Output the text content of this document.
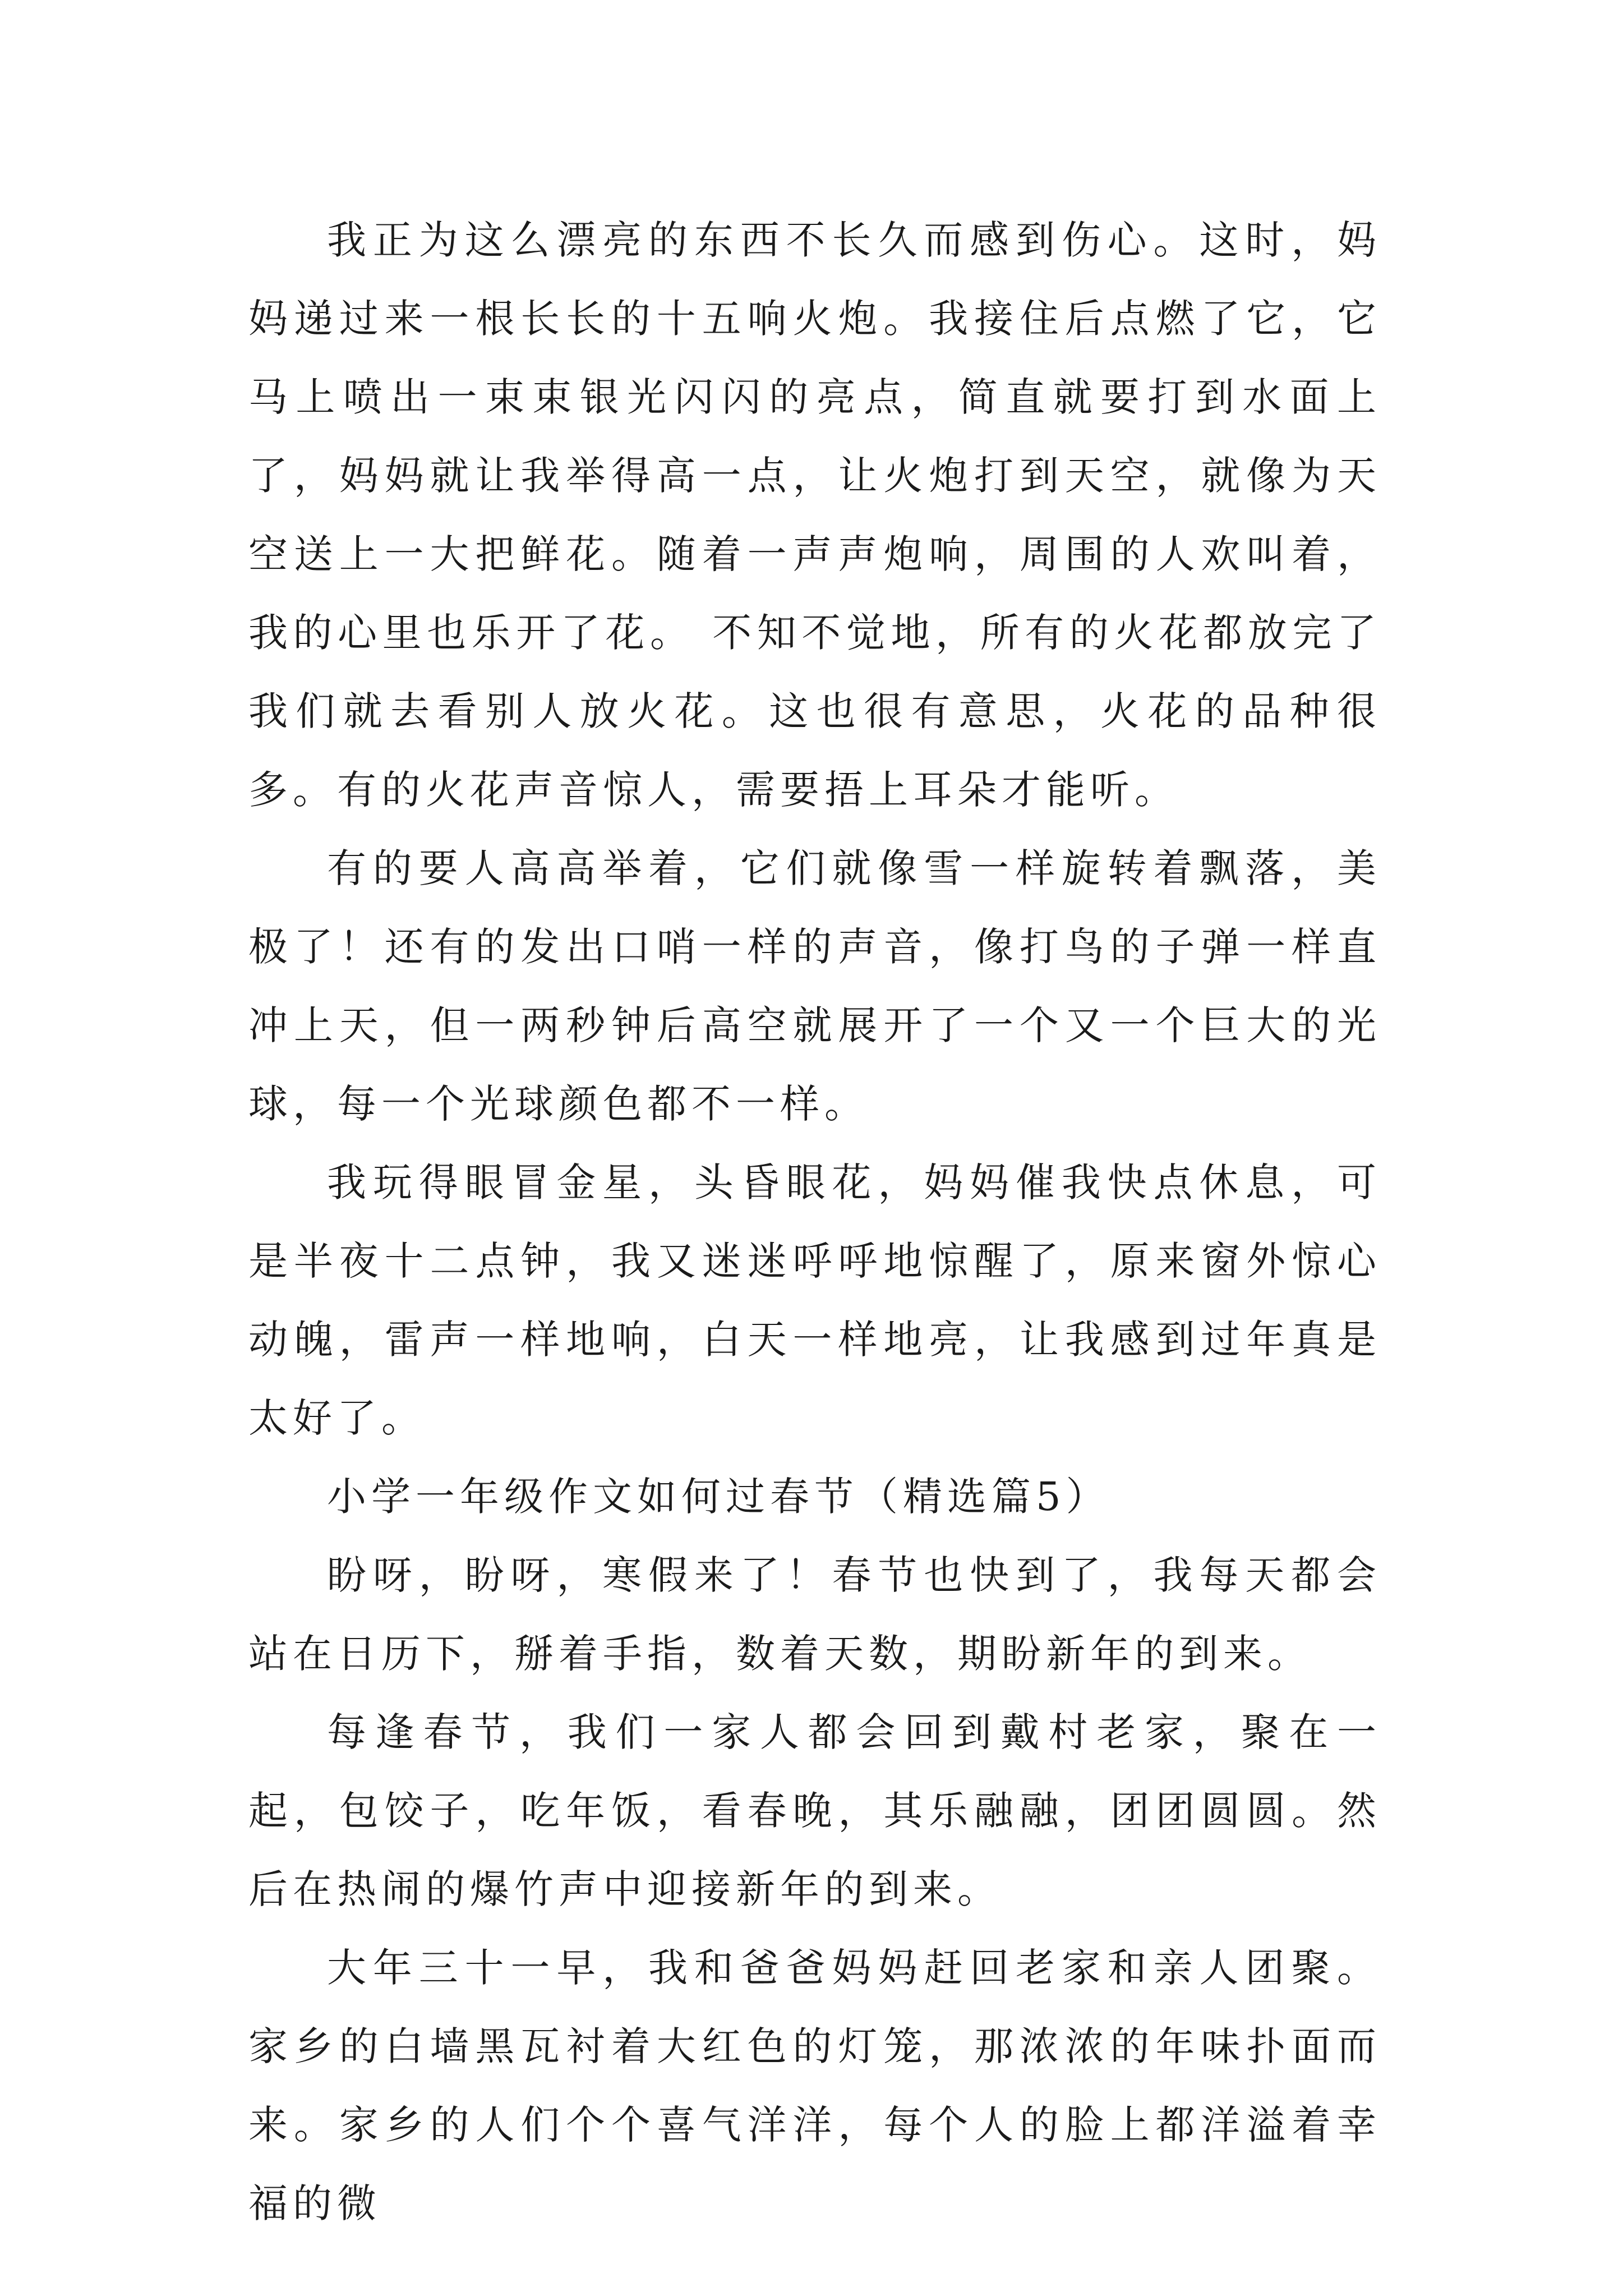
我正为这么漂亮的东西不长久而感到伤心。这时，妈妈递过来一根长长的十五响火炮。我接住后点燃了它，它马上喷出一束束银光闪闪的亮点，简直就要打到水面上了，妈妈就让我举得高一点，让火炮打到天空，就像为天空送上一大把鲜花。随着一声声炮响，周围的人欢叫着，我的心里也乐开了花。 不知不觉地，所有的火花都放完了我们就去看别人放火花。这也很有意思，火花的品种很多。有的火花声音惊人，需要捂上耳朵才能听。

有的要人高高举着，它们就像雪一样旋转着飘落，美极了！还有的发出口哨一样的声音，像打鸟的子弹一样直冲上天，但一两秒钟后高空就展开了一个又一个巨大的光球，每一个光球颜色都不一样。

我玩得眼冒金星，头昏眼花，妈妈催我快点休息，可是半夜十二点钟，我又迷迷呼呼地惊醒了，原来窗外惊心动魄，雷声一样地响，白天一样地亮，让我感到过年真是太好了。

小学一年级作文如何过春节（精选篇5）

盼呀，盼呀，寒假来了！春节也快到了，我每天都会站在日历下，掰着手指，数着天数，期盼新年的到来。

每逢春节，我们一家人都会回到戴村老家，聚在一起，包饺子，吃年饭，看春晚，其乐融融，团团圆圆。然后在热闹的爆竹声中迎接新年的到来。

大年三十一早，我和爸爸妈妈赶回老家和亲人团聚。家乡的白墙黑瓦衬着大红色的灯笼，那浓浓的年味扑面而来。家乡的人们个个喜气洋洋，每个人的脸上都洋溢着幸福的微
